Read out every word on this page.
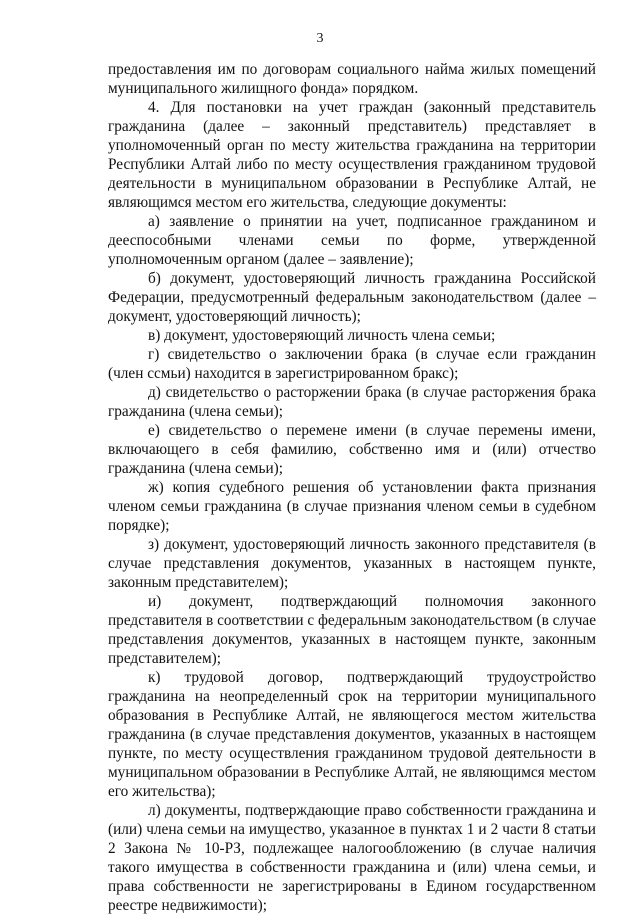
3

предоставления им по договорам социального найма жилых помещений муниципального жилищного фонда» порядком.

4. Для постановки на учет граждан (законный представитель гражданина (далее – законный представитель) представляет в уполномоченный орган по месту жительства гражданина на территории Республики Алтай либо по месту осуществления гражданином трудовой деятельности в муниципальном образовании в Республике Алтай, не являющимся местом его жительства, следующие документы:

а) заявление о принятии на учет, подписанное гражданином и дееспособными членами семьи по форме, утвержденной уполномоченным органом (далее – заявление);

б) документ, удостоверяющий личность гражданина Российской Федерации, предусмотренный федеральным законодательством (далее – документ, удостоверяющий личность);

в) документ, удостоверяющий личность члена семьи;

г) свидетельство о заключении брака (в случае если гражданин (член ссмьи) находится в зарегистрированном бракс);

д) свидетельство о расторжении брака (в случае расторжения брака гражданина (члена семьи);

е) свидетельство о перемене имени (в случае перемены имени, включающего в себя фамилию, собственно имя и (или) отчество гражданина (члена семьи);

ж) копия судебного решения об установлении факта признания членом семьи гражданина (в случае признания членом семьи в судебном порядке);

з) документ, удостоверяющий личность законного представителя (в случае представления документов, указанных в настоящем пункте, законным представителем);

и) документ, подтверждающий полномочия законного представителя в соответствии с федеральным законодательством (в случае представления документов, указанных в настоящем пункте, законным представителем);

к) трудовой договор, подтверждающий трудоустройство гражданина на неопределенный срок на территории муниципального образования в Республике Алтай, не являющегося местом жительства гражданина (в случае представления документов, указанных в настоящем пункте, по месту осуществления гражданином трудовой деятельности в муниципальном образовании в Республике Алтай, не являющимся местом его жительства);

л) документы, подтверждающие право собственности гражданина и (или) члена семьи на имущество, указанное в пунктах 1 и 2 части 8 статьи 2 Закона № 10-РЗ, подлежащее налогообложению (в случае наличия такого имущества в собственности гражданина и (или) члена семьи, и права собственности не зарегистрированы в Едином государственном реестре недвижимости);
